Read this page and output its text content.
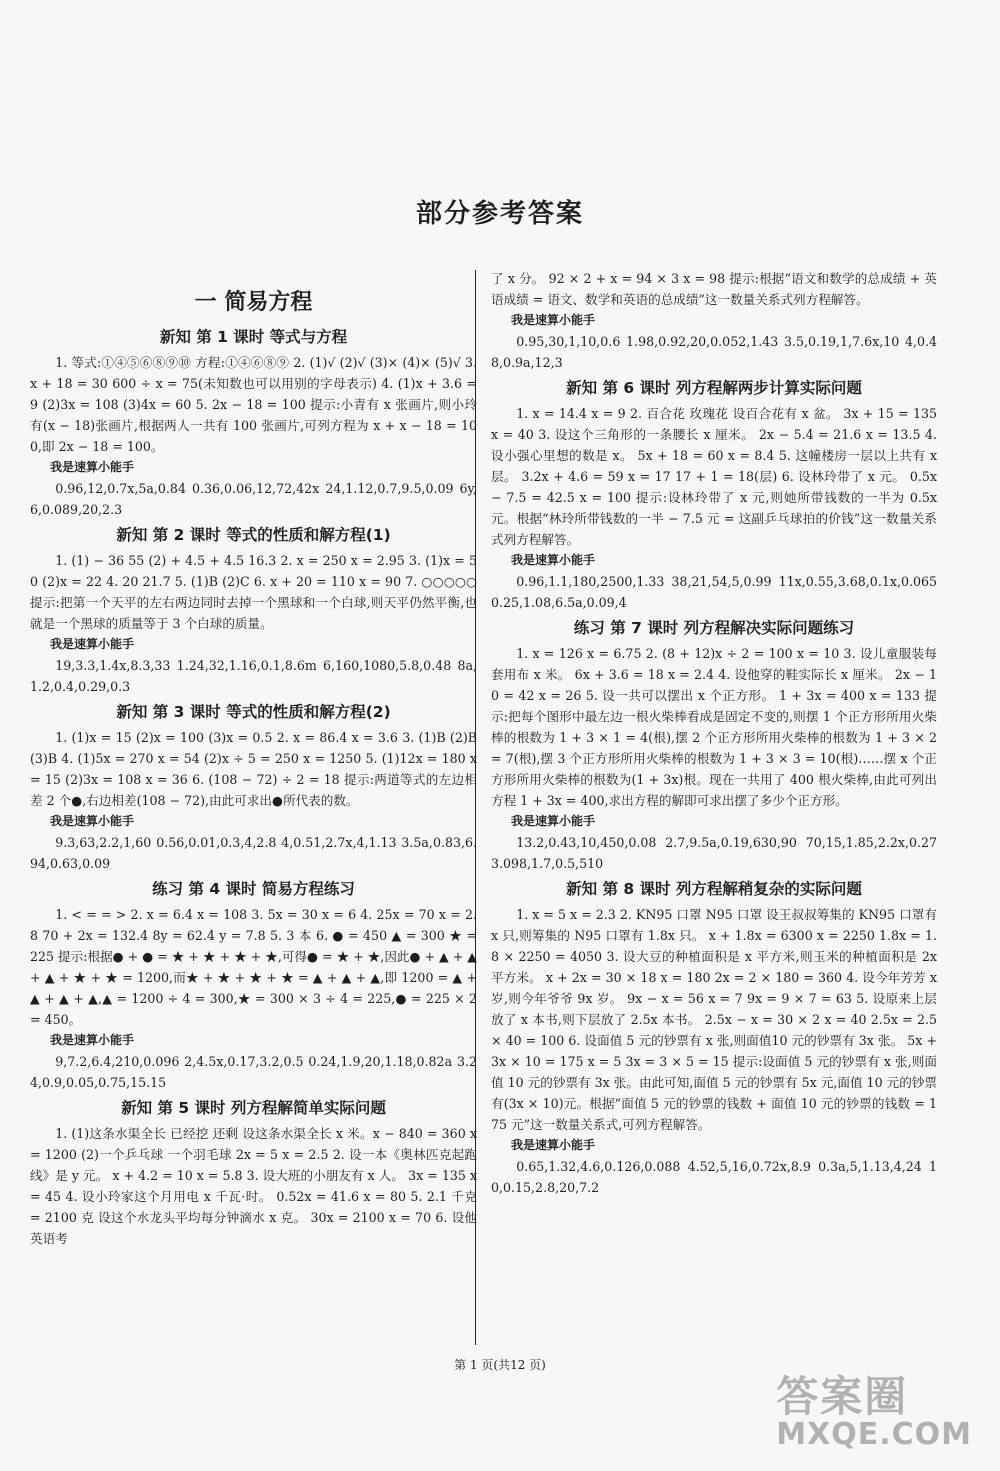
部分参考答案
一 简易方程
新知 第 1 课时 等式与方程

1. 等式:①④⑤⑥⑧⑨⑩ 方程:①④⑥⑧⑨ 2. (1)√ (2)√ (3)× (4)× (5)√ 3. x + 18 = 30 600 ÷ x = 75(未知数也可以用别的字母表示) 4. (1)x + 3.6 = 9 (2)3x = 108 (3)4x = 60 5. 2x − 18 = 100 提示:小青有 x 张画片,则小玲有(x − 18)张画片,根据两人一共有 100 张画片,可列方程为 x + x − 18 = 100,即 2x − 18 = 100。

我是速算小能手

0.96,12,0.7x,5a,0.84 0.36,0.06,12,72,42x 24,1.12,0.7,9.5,0.09 6y,6,0.089,20,2.3

新知 第 2 课时 等式的性质和解方程(1)

1. (1) − 36 55 (2) + 4.5 + 4.5 16.3 2. x = 250 x = 2.95 3. (1)x = 50 (2)x = 22 4. 20 21.7 5. (1)B (2)C 6. x + 20 = 110 x = 90 7. ○○○○○ 提示:把第一个天平的左右两边同时去掉一个黑球和一个白球,则天平仍然平衡,也就是一个黑球的质量等于 3 个白球的质量。

我是速算小能手

19,3.3,1.4x,8.3,33 1.24,32,1.16,0.1,8.6m 6,160,1080,5.8,0.48 8a,1.2,0.4,0.29,0.3

新知 第 3 课时 等式的性质和解方程(2)

1. (1)x = 15 (2)x = 100 (3)x = 0.5 2. x = 86.4 x = 3.6 3. (1)B (2)B (3)B 4. (1)5x = 270 x = 54 (2)x ÷ 5 = 250 x = 1250 5. (1)12x = 180 x = 15 (2)3x = 108 x = 36 6. (108 − 72) ÷ 2 = 18 提示:两道等式的左边相差 2 个●,右边相差(108 − 72),由此可求出●所代表的数。

我是速算小能手

9.3,63,2.2,1,60 0.56,0.01,0.3,4,2.8 4,0.51,2.7x,4,1.13 3.5a,0.83,6.94,0.63,0.09

练习 第 4 课时 简易方程练习

1. < = = > 2. x = 6.4 x = 108 3. 5x = 30 x = 6 4. 25x = 70 x = 2.8 70 + 2x = 132.4 8y = 62.4 y = 7.8 5. 3 本 6. ● = 450 ▲ = 300 ★ = 225 提示:根据● + ● = ★ + ★ + ★ + ★,可得● = ★ + ★,因此● + ▲ + ▲ + ▲ + ★ + ★ = 1200,而★ + ★ + ★ + ★ = ▲ + ▲ + ▲,即 1200 = ▲ + ▲ + ▲ + ▲,▲ = 1200 ÷ 4 = 300,★ = 300 × 3 ÷ 4 = 225,● = 225 × 2 = 450。

我是速算小能手

9,7.2,6.4,210,0.096 2,4.5x,0.17,3.2,0.5 0.24,1.9,20,1.18,0.82a 3.24,0.9,0.05,0.75,15.15

新知 第 5 课时 列方程解简单实际问题

1. (1)这条水渠全长 已经挖 还剩 设这条水渠全长 x 米。x − 840 = 360 x = 1200 (2)一个乒乓球 一个羽毛球 2x = 5 x = 2.5 2. 设一本《奥林匹克起跑线》是 y 元。 x + 4.2 = 10 x = 5.8 3. 设大班的小朋友有 x 人。 3x = 135 x = 45 4. 设小玲家这个月用电 x 千瓦·时。 0.52x = 41.6 x = 80 5. 2.1 千克 = 2100 克 设这个水龙头平均每分钟滴水 x 克。 30x = 2100 x = 70 6. 设他英语考

了 x 分。 92 × 2 + x = 94 × 3 x = 98 提示:根据“语文和数学的总成绩 + 英语成绩 = 语文、数学和英语的总成绩”这一数量关系式列方程解答。

我是速算小能手

0.95,30,1,10,0.6 1.98,0.92,20,0.052,1.43 3.5,0.19,1,7.6x,10 4,0.48,0.9a,12,3

新知 第 6 课时 列方程解两步计算实际问题

1. x = 14.4 x = 9 2. 百合花 玫瑰花 设百合花有 x 盆。 3x + 15 = 135 x = 40 3. 设这个三角形的一条腰长 x 厘米。 2x − 5.4 = 21.6 x = 13.5 4. 设小强心里想的数是 x。 5x + 18 = 60 x = 8.4 5. 这幢楼房一层以上共有 x 层。 3.2x + 4.6 = 59 x = 17 17 + 1 = 18(层) 6. 设林玲带了 x 元。 0.5x − 7.5 = 42.5 x = 100 提示:设林玲带了 x 元,则她所带钱数的一半为 0.5x 元。根据“林玲所带钱数的一半 − 7.5 元 = 这副乒乓球拍的价钱”这一数量关系式列方程解答。

我是速算小能手

0.96,1.1,180,2500,1.33 38,21,54,5,0.99 11x,0.55,3.68,0.1x,0.065 0.25,1.08,6.5a,0.09,4

练习 第 7 课时 列方程解决实际问题练习

1. x = 126 x = 6.75 2. (8 + 12)x ÷ 2 = 100 x = 10 3. 设儿童服装每套用布 x 米。 6x + 3.6 = 18 x = 2.4 4. 设他穿的鞋实际长 x 厘米。 2x − 10 = 42 x = 26 5. 设一共可以摆出 x 个正方形。 1 + 3x = 400 x = 133 提示:把每个图形中最左边一根火柴棒看成是固定不变的,则摆 1 个正方形所用火柴棒的根数为 1 + 3 × 1 = 4(根),摆 2 个正方形所用火柴棒的根数为 1 + 3 × 2 = 7(根),摆 3 个正方形所用火柴棒的根数为 1 + 3 × 3 = 10(根)……摆 x 个正方形所用火柴棒的根数为(1 + 3x)根。现在一共用了 400 根火柴棒,由此可列出方程 1 + 3x = 400,求出方程的解即可求出摆了多少个正方形。

我是速算小能手

13.2,0.43,10,450,0.08 2.7,9.5a,0.19,630,90 70,15,1.85,2.2x,0.27 3.098,1.7,0.5,510

新知 第 8 课时 列方程解稍复杂的实际问题

1. x = 5 x = 2.3 2. KN95 口罩 N95 口罩 设王叔叔筹集的 KN95 口罩有 x 只,则筹集的 N95 口罩有 1.8x 只。 x + 1.8x = 6300 x = 2250 1.8x = 1.8 × 2250 = 4050 3. 设大豆的种植面积是 x 平方米,则玉米的种植面积是 2x 平方米。 x + 2x = 30 × 18 x = 180 2x = 2 × 180 = 360 4. 设今年芳芳 x 岁,则今年爷爷 9x 岁。 9x − x = 56 x = 7 9x = 9 × 7 = 63 5. 设原来上层放了 x 本书,则下层放了 2.5x 本书。 2.5x − x = 30 × 2 x = 40 2.5x = 2.5 × 40 = 100 6. 设面值 5 元的钞票有 x 张,则面值10 元的钞票有 3x 张。 5x + 3x × 10 = 175 x = 5 3x = 3 × 5 = 15 提示:设面值 5 元的钞票有 x 张,则面值 10 元的钞票有 3x 张。由此可知,面值 5 元的钞票有 5x 元,面值 10 元的钞票有(3x × 10)元。根据“面值 5 元的钞票的钱数 + 面值 10 元的钞票的钱数 = 175 元”这一数量关系式,可列方程解答。

我是速算小能手

0.65,1.32,4.6,0.126,0.088 4.52,5,16,0.72x,8.9 0.3a,5,1.13,4,24 10,0.15,2.8,20,7.2

第 1 页(共12 页)
答案圈
MXQE.COM
